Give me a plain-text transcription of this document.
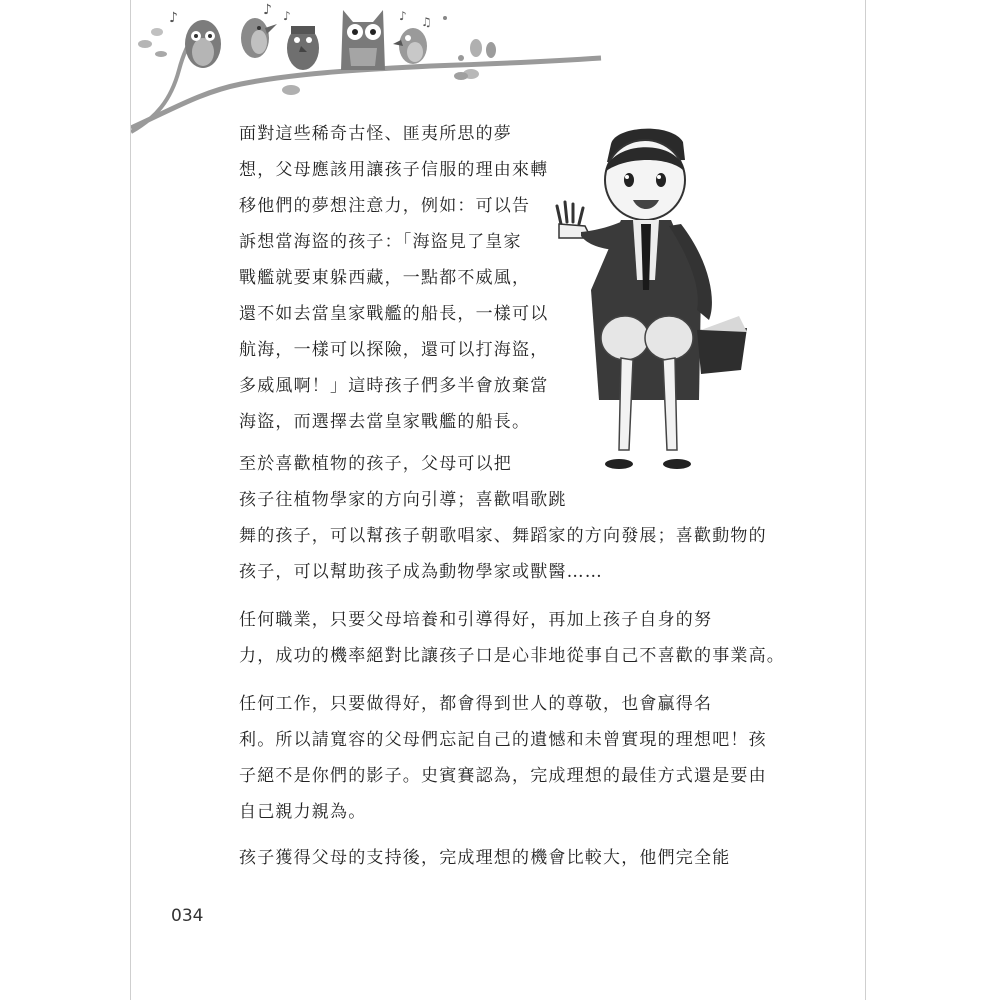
♪	♪ ♪	♪ ♫

面對這些稀奇古怪、匪夷所思的夢
想，父母應該用讓孩子信服的理由來轉
移他們的夢想注意力，例如：可以告
訴想當海盜的孩子：「海盜見了皇家
戰艦就要東躲西藏，一點都不威風，
還不如去當皇家戰艦的船長，一樣可以
航海，一樣可以探險，還可以打海盜，
多威風啊！」這時孩子們多半會放棄當
海盜，而選擇去當皇家戰艦的船長。

至於喜歡植物的孩子，父母可以把
孩子往植物學家的方向引導；喜歡唱歌跳
舞的孩子，可以幫孩子朝歌唱家、舞蹈家的方向發展；喜歡動物的
孩子，可以幫助孩子成為動物學家或獸醫……

任何職業，只要父母培養和引導得好，再加上孩子自身的努
力，成功的機率絕對比讓孩子口是心非地從事自己不喜歡的事業高。

任何工作，只要做得好，都會得到世人的尊敬，也會贏得名
利。所以請寬容的父母們忘記自己的遺憾和未曾實現的理想吧！孩
子絕不是你們的影子。史賓賽認為，完成理想的最佳方式還是要由
自己親力親為。

孩子獲得父母的支持後，完成理想的機會比較大，他們完全能

034
